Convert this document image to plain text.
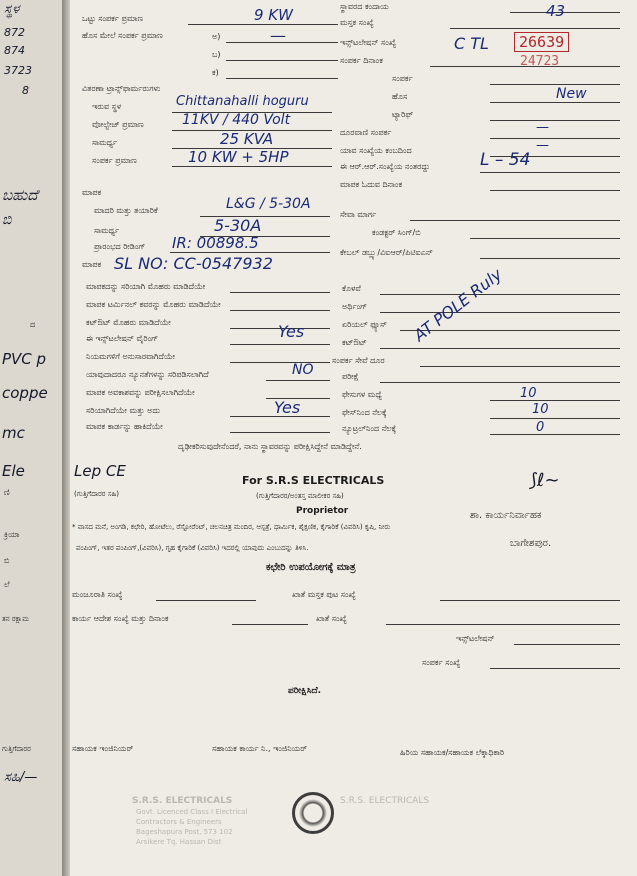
ಸ್ಥಳ
872
874
3723
8
ಬಹುದೆ
ಬಿ
ದ
PVC p
coppe
mc
Ele
ಣಿ
ಕ್ರಿಯಾ
ಬಿ
ಲೆ
ತನ ರಕ್ಷಾಮ
ಗುತ್ತಿಗೆದಾರರ
ಸಹಿ/—
ಒಟ್ಟು ಸಂಪರ್ಕ ಪ್ರಮಾಣ	9 KW
ಹೊಸ ಮೇಲೆ ಸಂಪರ್ಕ ಪ್ರಮಾಣ	ಅ)	—
ಬ)
ಕ)
ಸ್ಥಾವರದ ಕಂದಾಯ	43
ಮಸ್ತಕ ಸಂಖ್ಯೆ
ಇನ್ಸ್‌ಟಲೇಷನ್ ಸಂಖ್ಯೆ	C TL	26639
24723
ಸಂಪರ್ಕ ದಿನಾಂಕ
ಸಂಪರ್ಕ
ಹೊಸ	New
ಟ್ಯಾರಿಫ್
ದೂರವಾಣಿ ಸಂಪರ್ಕ	—
ಯಾವ ಸಂಖ್ಯೆಯ ಕಂಬದಿಂದ	—
ಈ ಆರ್.ಆರ್.ಸಂಖ್ಯೆಯ ನಂತರದ್ದು	L – 54
ಮಾಪಕ ಓದುವ ದಿನಾಂಕ
ವಿತರಣಾ ಟ್ರಾನ್ಸ್‌ಫಾರ್ಮರುಗಳು
ಇರುವ ಸ್ಥಳ	Chittanahalli hoguru
ವೋಲ್ಟೇಜ್ ಪ್ರಮಾಣ	11KV / 440 Volt
ಸಾಮರ್ಥ್ಯ	25 KVA
ಸಂಪರ್ಕ ಪ್ರಮಾಣ	10 KW + 5HP
ಮಾಪಕ
ಮಾದರಿ ಮತ್ತು ತಯಾರಿಕೆ	L&G / 5-30A
ಸಾಮರ್ಥ್ಯ	5-30A
ಪ್ರಾರಂಭದ ರೀಡಿಂಗ್ IR: 00898.5
ಮಾಪಕ SL NO: CC-0547932
ಸೇವಾ ಮಾರ್ಗ
ಕಂಡಕ್ಟರ್ ಸಿಂಗ್/ಬಿ
ಕೇಬಲ್ ಡಬ್ಲ್ಯು/ವಿಐಆರ್/ಪಿಟಿಐಎನ್
ಮಾಪಕದನ್ನು ಸರಿಯಾಗಿ ಮೊಹರು ಮಾಡಿದೆಯೇ
ಮಾಪಕ ಟರ್ಮಿನಲ್ ಕವರನ್ನು ಮೊಹರು ಮಾಡಿದೆಯೇ
ಕಟ್‌ಔಟ್ ಮೊಹರು ಮಾಡಿದೆಯೇ
ಈ ಇನ್ಸ್‌ಟಲೇಷನ್ ವೈರಿಂಗ್	Yes
ನಿಯಮಗಳಿಗೆ ಅನುಸಾರವಾಗಿದೆಯೇ
ಯಾವುದಾದರೂ ನ್ಯೂನತೆಗಳನ್ನು ಸರಿಪಡಿಸಲಾಗಿದೆ	NO
ಮಾಪಕ ಅವಕಾಶವನ್ನು ಪರೀಕ್ಷಿಸಲಾಗಿದೆಯೇ
ಸರಿಯಾಗಿದೆಯೇ ಮತ್ತು ಅದು	Yes
ಮಾಪಕ ಕಾರ್ಡನ್ನು ಹಾಕಿದೆಯೇ
ಕೊಳವೆ
ಅರ್ಥಿಂಗ್
ಏರಿಯಲ್ ಫ್ಯೂಸ್
ಕಟ್‌ಔಟ್
ಸಂಪರ್ಕ ಸೇವೆ ದೂರ
ಪರೀಕ್ಷೆ
ಫೇಸುಗಳ ಮಧ್ಯೆ	10
ಫೇಸ್‌ನಿಂದ ನೆಲಕ್ಕೆ	10
ನ್ಯೂಟ್ರಲ್‌ನಿಂದ ನೆಲಕ್ಕೆ	0
AT POLE Ruly
ದೃಢೀಕರಿಸುವುದೇನೆಂದರೆ, ನಾನು ಸ್ಥಾವರವನ್ನು ಪರೀಕ್ಷಿಸಿದ್ದೇನೆ ಮಾಡಿದ್ದೇನೆ.
For S.R.S ELECTRICALS
(ಗುತ್ತಿಗೆದಾರರ/ಅಂತಸ್ತ ಮಾಲೀಕರ ಸಹಿ)
Proprietor
Lep CE
(ಗುತ್ತಿಗೆದಾರರ ಸಹಿ)
ಶಾ. ಕಾರ್ಯನಿರ್ವಾಹಕ
ಬಾಗೇಶಪುರ.
⟆ℓ~
* ವಾಸದ ಮನೆ, ಅಂಗಡಿ, ಕಛೇರಿ, ಹೋಟೆಲು, ರೆಸ್ಟೋರೆಂಟ್, ಚಲನಚಿತ್ರ ಮಂದಿರ, ಆಸ್ಪತ್ರೆ, ಧಾರ್ಮಿಕ, ಶೈಕ್ಷಣಿಕ, ಕೈಗಾರಿಕೆ (ವಿವರಿಸಿ) ಕೃಷಿ, ನೀರು
ಪಂಪಿಂಗ್, ಇತರ ಪಂಪಿಂಗ್,(ವಿವರಿಸಿ), ಗೃಹ ಕೈಗಾರಿಕೆ (ವಿವರಿಸಿ) ಇದರಲ್ಲಿ ಯಾವುದು ಎಂಬುದನ್ನು ತಿಳಿಸಿ.
ಕಛೇರಿ ಉಪಯೋಗಕ್ಕೆ ಮಾತ್ರ
ಮಂಜೂರಾತಿ ಸಂಖ್ಯೆ	ಖಾತೆ ಮಸ್ತಕ ಪುಟ ಸಂಖ್ಯೆ
ಕಾರ್ಯ ಆದೇಶ ಸಂಖ್ಯೆ ಮತ್ತು ದಿನಾಂಕ	ಖಾತೆ ಸಂಖ್ಯೆ
ಇನ್ಸ್‌ಟಲೇಷನ್
ಸಂಪರ್ಕ ಸಂಖ್ಯೆ
ಪರೀಕ್ಷಿಸಿದೆ.
ಸಹಾಯಕ ಇಂಜಿನಿಯರ್	ಸಹಾಯಕ ಕಾರ್ಯ ನಿ., ಇಂಜಿನಿಯರ್	ಹಿರಿಯ ಸಹಾಯಕ/ಸಹಾಯಕ ಲೆಕ್ಕಾಧಿಕಾರಿ
S.R.S. ELECTRICALS
Govt. Licenced Class I Electrical
Contractors & Engineers
Bageshapura Post, 573 102
Arsikere Tq. Hassan Dist
S.R.S. ELECTRICALS
